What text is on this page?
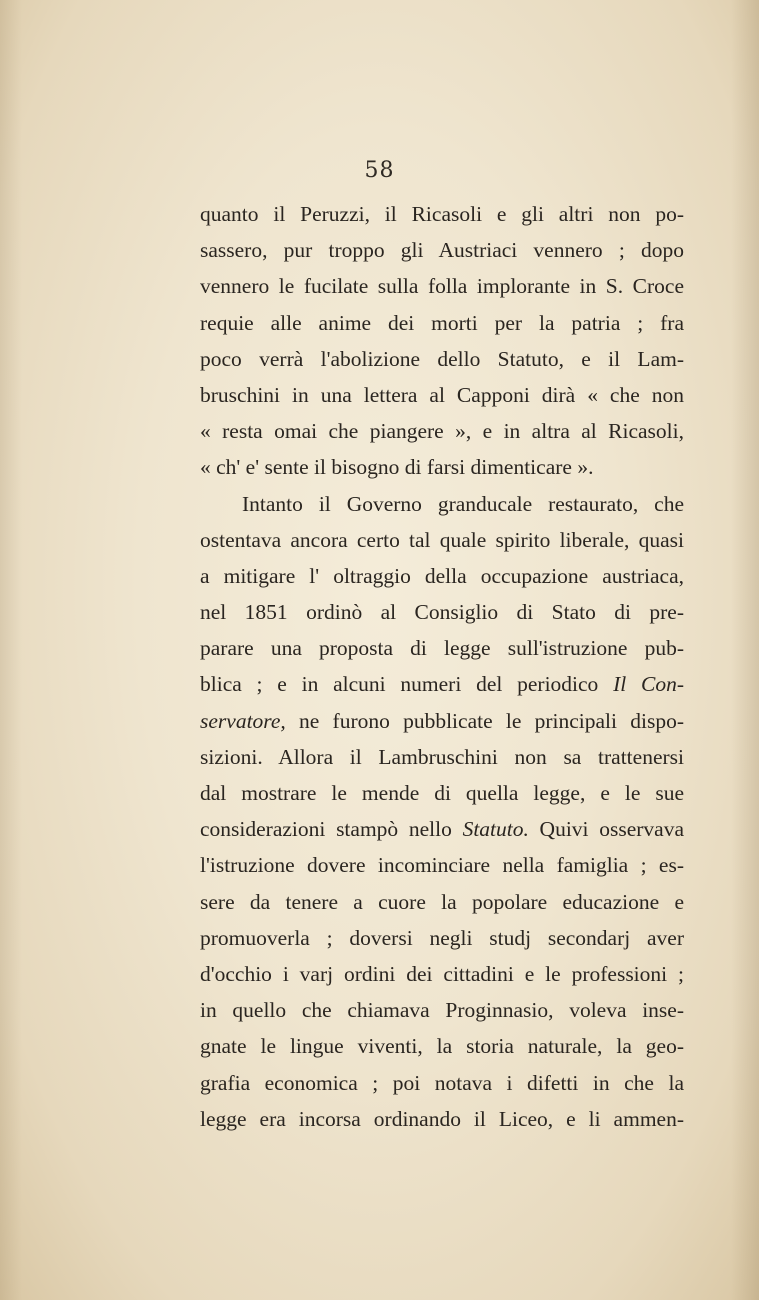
58
quanto il Peruzzi, il Ricasoli e gli altri non po-
sassero, pur troppo gli Austriaci vennero ; dopo
vennero le fucilate sulla folla implorante in S. Croce
requie alle anime dei morti per la patria ; fra
poco verrà l'abolizione dello Statuto, e il Lam-
bruschini in una lettera al Capponi dirà « che non
« resta omai che piangere », e in altra al Ricasoli,
« ch' e' sente il bisogno di farsi dimenticare ».
Intanto il Governo granducale restaurato, che
ostentava ancora certo tal quale spirito liberale, quasi
a mitigare l' oltraggio della occupazione austriaca,
nel 1851 ordinò al Consiglio di Stato di pre-
parare una proposta di legge sull'istruzione pub-
blica ; e in alcuni numeri del periodico Il Con-
servatore, ne furono pubblicate le principali dispo-
sizioni. Allora il Lambruschini non sa trattenersi
dal mostrare le mende di quella legge, e le sue
considerazioni stampò nello Statuto. Quivi osservava
l'istruzione dovere incominciare nella famiglia ; es-
sere da tenere a cuore la popolare educazione e
promuoverla ; doversi negli studj secondarj aver
d'occhio i varj ordini dei cittadini e le professioni ;
in quello che chiamava Proginnasio, voleva inse-
gnate le lingue viventi, la storia naturale, la geo-
grafia economica ; poi notava i difetti in che la
legge era incorsa ordinando il Liceo, e li ammen-
